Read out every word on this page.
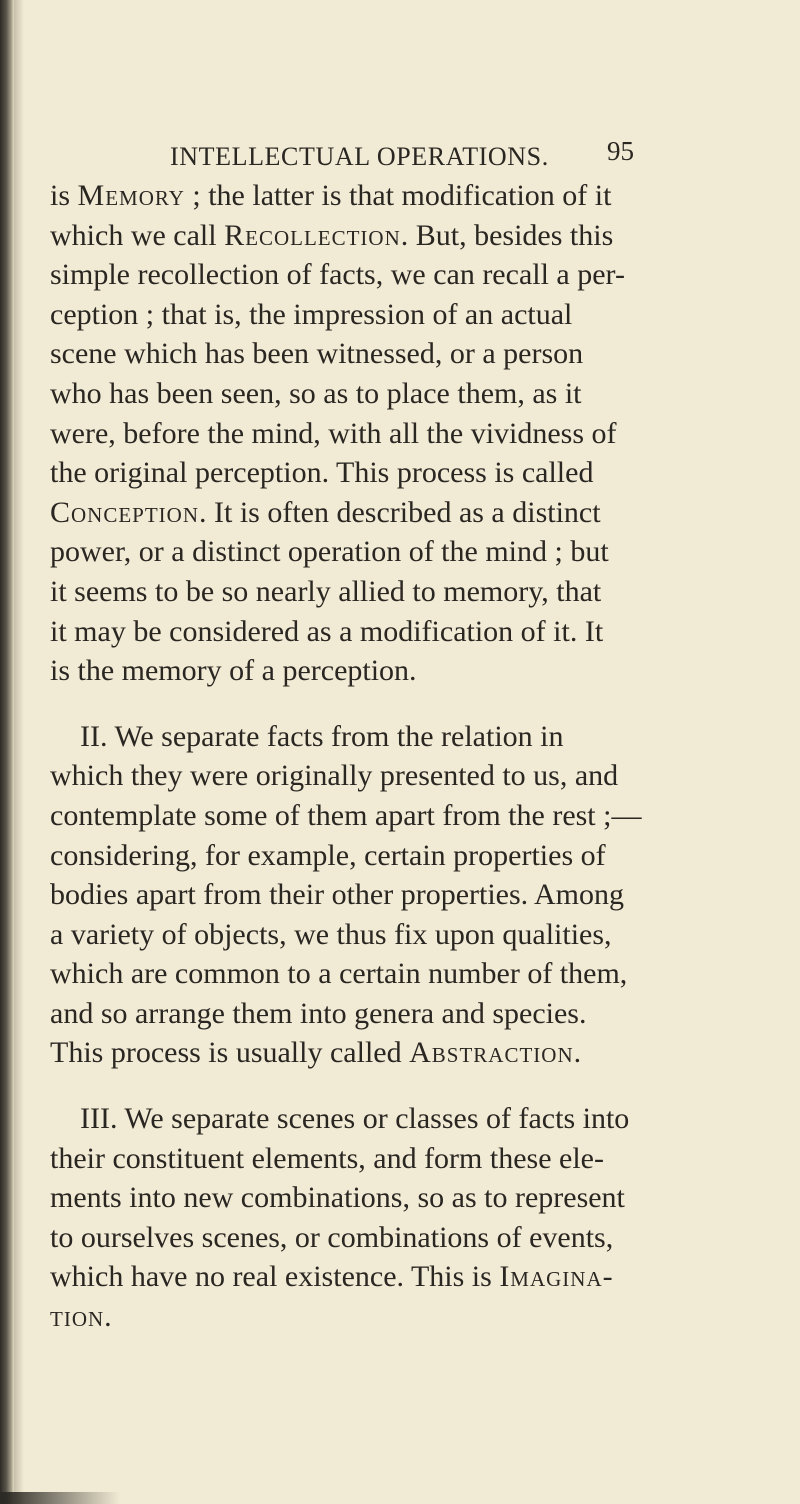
INTELLECTUAL OPERATIONS. 95
is Memory ; the latter is that modification of it
which we call Recollection. But, besides this
simple recollection of facts, we can recall a per-
ception ; that is, the impression of an actual
scene which has been witnessed, or a person
who has been seen, so as to place them, as it
were, before the mind, with all the vividness of
the original perception. This process is called
Conception. It is often described as a distinct
power, or a distinct operation of the mind ; but
it seems to be so nearly allied to memory, that
it may be considered as a modification of it. It
is the memory of a perception.
II. We separate facts from the relation in
which they were originally presented to us, and
contemplate some of them apart from the rest ;—
considering, for example, certain properties of
bodies apart from their other properties. Among
a variety of objects, we thus fix upon qualities,
which are common to a certain number of them,
and so arrange them into genera and species.
This process is usually called Abstraction.
III. We separate scenes or classes of facts into
their constituent elements, and form these ele-
ments into new combinations, so as to represent
to ourselves scenes, or combinations of events,
which have no real existence. This is Imagina-
tion.
